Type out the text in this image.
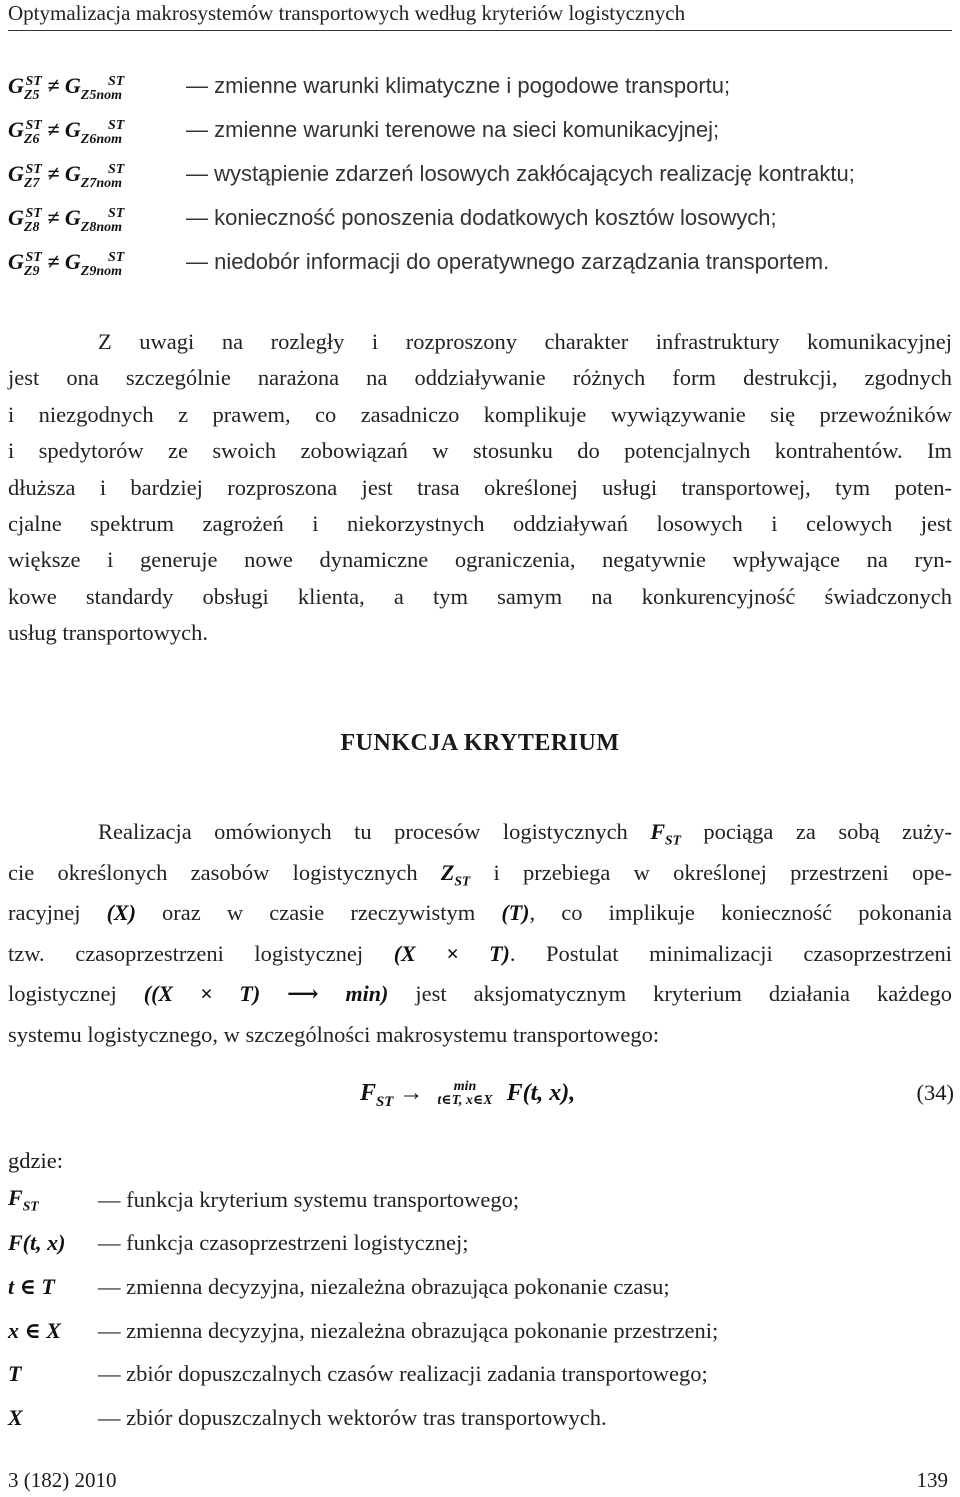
Optymalizacja makrosystemów transportowych według kryteriów logistycznych
$G_{Z5}^{ST} \ne G_{Z5nom}^{ST}$	— zmienne warunki klimatyczne i pogodowe transportu;
$G_{Z6}^{ST} \ne G_{Z6nom}^{ST}$	— zmienne warunki terenowe na sieci komunikacyjnej;
$G_{Z7}^{ST} \ne G_{Z7nom}^{ST}$	— wystąpienie zdarzeń losowych zakłócających realizację kontraktu;
$G_{Z8}^{ST} \ne G_{Z8nom}^{ST}$	— konieczność ponoszenia dodatkowych kosztów losowych;
$G_{Z9}^{ST} \ne G_{Z9nom}^{ST}$	— niedobór informacji do operatywnego zarządzania transportem.
Z uwagi na rozległy i rozproszony charakter infrastruktury komunikacyjnej
jest ona szczególnie narażona na oddziaływanie różnych form destrukcji, zgodnych
i niezgodnych z prawem, co zasadniczo komplikuje wywiązywanie się przewoźników
i spedytorów ze swoich zobowiązań w stosunku do potencjalnych kontrahentów. Im
dłuższa i bardziej rozproszona jest trasa określonej usługi transportowej, tym poten-
cjalne spektrum zagrożeń i niekorzystnych oddziaływań losowych i celowych jest
większe i generuje nowe dynamiczne ograniczenia, negatywnie wpływające na ryn-
kowe standardy obsługi klienta, a tym samym na konkurencyjność świadczonych
usług transportowych.
FUNKCJA KRYTERIUM
Realizacja omówionych tu procesów logistycznych $F_{ST}$ pociąga za sobą zuży-
cie określonych zasobów logistycznych $Z_{ST}$ i przebiega w określonej przestrzeni ope-
racyjnej (X) oraz w czasie rzeczywistym (T), co implikuje konieczność pokonania
tzw. czasoprzestrzeni logistycznej (X × T). Postulat minimalizacji czasoprzestrzeni
logistycznej ((X × T) ⟶ min) jest aksjomatycznym kryterium działania każdego
systemu logistycznego, w szczególności makrosystemu transportowego:
$F_{ST}$ →	min
t∈T, x∈X F(t, x),	(34)
gdzie:
$F_{ST}$	— funkcja kryterium systemu transportowego;
F(t, x)	— funkcja czasoprzestrzeni logistycznej;
t ∈ T	— zmienna decyzyjna, niezależna obrazująca pokonanie czasu;
x ∈ X	— zmienna decyzyjna, niezależna obrazująca pokonanie przestrzeni;
T	— zbiór dopuszczalnych czasów realizacji zadania transportowego;
X	— zbiór dopuszczalnych wektorów tras transportowych.
3 (182) 2010	139
